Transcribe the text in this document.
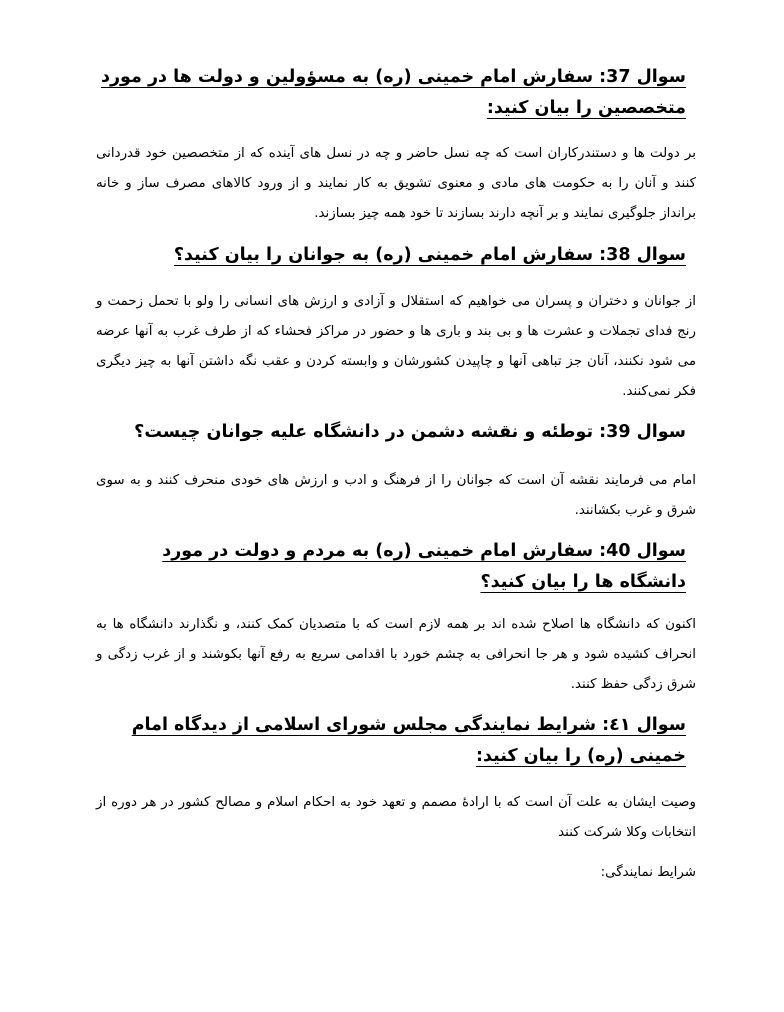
سوال 37: سفارش امام خمینی (ره) به مسؤولین و دولت ها در مورد متخصصین را بیان کنید:

بر دولت ها و دستندرکاران است که چه نسل حاضر و چه در نسل های آینده که از متخصصین خود قدردانی کنند و آنان را به حکومت های مادی و معنوی تشویق به کار نمایند و از ورود کالاهای مصرف ساز و خانه برانداز جلوگیری نمایند و بر آنچه دارند بسازند تا خود همه چیز بسازند.

سوال 38: سفارش امام خمینی (ره) به جوانان را بیان کنید؟

از جوانان و دختران و پسران می خواهیم که استقلال و آزادی و ارزش های انسانی را ولو با تحمل زحمت و رنج فدای تجملات و عشرت ها و بی بند و باری ها و حضور در مراکز فحشاء که از طرف غرب به آنها عرضه می شود نکنند، آنان جز تباهی آنها و چاپیدن کشورشان و وابسته کردن و عقب نگه داشتن آنها به چیز دیگری فکر نمی‌کنند.

سوال 39: توطئه و نقشه دشمن در دانشگاه علیه جوانان چیست؟

امام می فرمایند نقشه آن است که جوانان را از فرهنگ و ادب و ارزش های خودی منحرف کنند و به سوی شرق و غرب بکشانند.

سوال 40: سفارش امام خمینی (ره) به مردم و دولت در مورد دانشگاه ها را بیان کنید؟

اکنون که دانشگاه ها اصلاح شده اند بر همه لازم است که با متصدیان کمک کنند، و نگذارند دانشگاه ها به انحراف کشیده شود و هر جا انحرافی به چشم خورد با اقدامی سریع به رفع آنها بکوشند و از غرب زدگی و شرق زدگی حفظ کنند.

سوال ٤١: شرایط نمایندگی مجلس شورای اسلامی از دیدگاه امام خمینی (ره) را بیان کنید:

وصیت ایشان به علت آن است که با ارادۀ مصمم و تعهد خود به احکام اسلام و مصالح کشور در هر دوره از انتخابات وکلا شرکت کنند

شرایط نمایندگی:
